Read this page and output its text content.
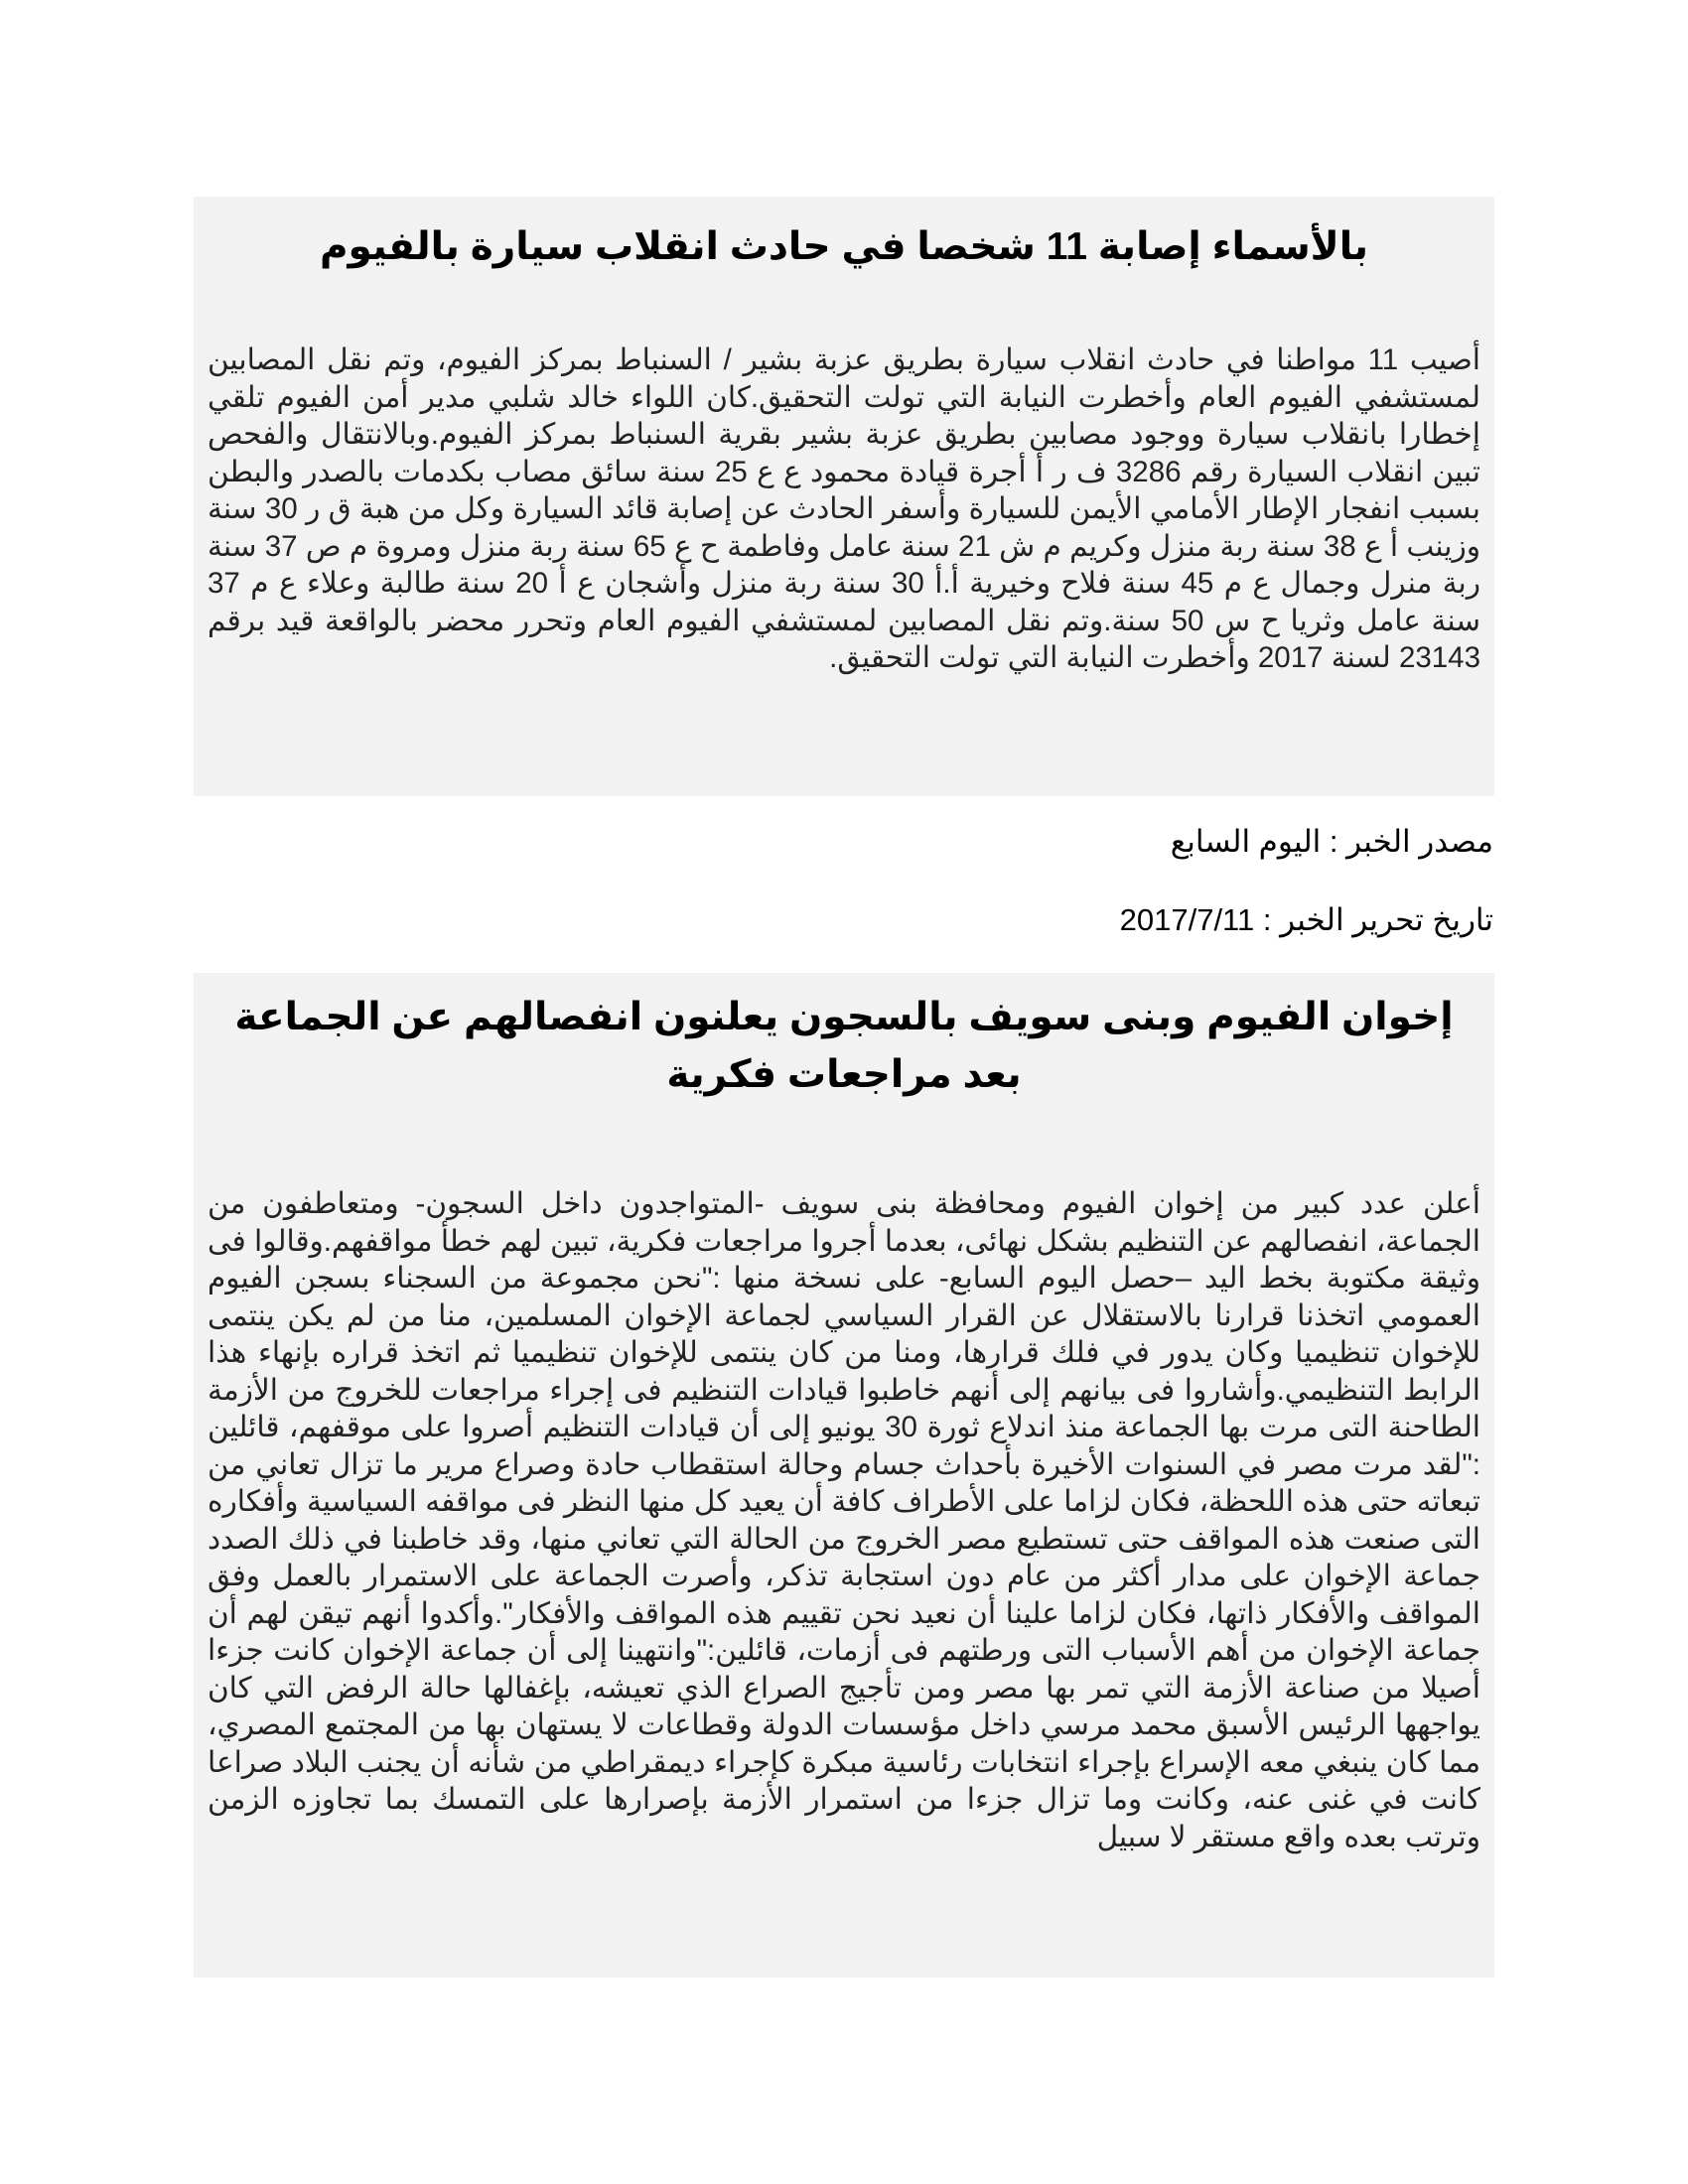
بالأسماء إصابة 11 شخصا في حادث انقلاب سيارة بالفيوم

أصيب 11 مواطنا في حادث انقلاب سيارة بطريق عزبة بشير / السنباط بمركز الفيوم، وتم نقل المصابين لمستشفي الفيوم العام وأخطرت النيابة التي تولت التحقيق.كان اللواء خالد شلبي مدير أمن الفيوم تلقي إخطارا بانقلاب سيارة ووجود مصابين بطريق عزبة بشير بقرية السنباط بمركز الفيوم.وبالانتقال والفحص تبين انقلاب السيارة رقم 3286 ف ر أ أجرة قيادة محمود ع ع 25 سنة سائق مصاب بكدمات بالصدر والبطن بسبب انفجار الإطار الأمامي الأيمن للسيارة وأسفر الحادث عن إصابة قائد السيارة وكل من هبة ق ر 30 سنة وزينب أ ع 38 سنة ربة منزل وكريم م ش 21 سنة عامل وفاطمة ح ع 65 سنة ربة منزل ومروة م ص 37 سنة ربة منرل وجمال ع م 45 سنة فلاح وخيرية أ.أ 30 سنة ربة منزل وأشجان ع أ 20 سنة طالبة وعلاء ع م 37 سنة عامل وثريا ح س 50 سنة.وتم نقل المصابين لمستشفي الفيوم العام وتحرر محضر بالواقعة قيد برقم 23143 لسنة 2017 وأخطرت النيابة التي تولت التحقيق.

مصدر الخبر : اليوم السابع
تاريخ تحرير الخبر : 2017/7/11
إخوان الفيوم وبنى سويف بالسجون يعلنون انفصالهم عن الجماعة بعد مراجعات فكرية

أعلن عدد كبير من إخوان الفيوم ومحافظة بنى سويف -المتواجدون داخل السجون- ومتعاطفون من الجماعة، انفصالهم عن التنظيم بشكل نهائى، بعدما أجروا مراجعات فكرية، تبين لهم خطأ مواقفهم.وقالوا فى وثيقة مكتوبة بخط اليد –حصل اليوم السابع- على نسخة منها :"نحن مجموعة من السجناء بسجن الفيوم العمومي اتخذنا قرارنا بالاستقلال عن القرار السياسي لجماعة الإخوان المسلمين، منا من لم يكن ينتمى للإخوان تنظيميا وكان يدور في فلك قرارها، ومنا من كان ينتمى للإخوان تنظيميا ثم اتخذ قراره بإنهاء هذا الرابط التنظيمي.وأشاروا فى بيانهم إلى أنهم خاطبوا قيادات التنظيم فى إجراء مراجعات للخروج من الأزمة الطاحنة التى مرت بها الجماعة منذ اندلاع ثورة 30 يونيو إلى أن قيادات التنظيم أصروا على موقفهم، قائلين :"لقد مرت مصر في السنوات الأخيرة بأحداث جسام وحالة استقطاب حادة وصراع مرير ما تزال تعاني من تبعاته حتى هذه اللحظة، فكان لزاما على الأطراف كافة أن يعيد كل منها النظر فى مواقفه السياسية وأفكاره التى صنعت هذه المواقف حتى تستطيع مصر الخروج من الحالة التي تعاني منها، وقد خاطبنا في ذلك الصدد جماعة الإخوان على مدار أكثر من عام دون استجابة تذكر، وأصرت الجماعة على الاستمرار بالعمل وفق المواقف والأفكار ذاتها، فكان لزاما علينا أن نعيد نحن تقييم هذه المواقف والأفكار".وأكدوا أنهم تيقن لهم أن جماعة الإخوان من أهم الأسباب التى ورطتهم فى أزمات، قائلين:"وانتهينا إلى أن جماعة الإخوان كانت جزءا أصيلا من صناعة الأزمة التي تمر بها مصر ومن تأجيج الصراع الذي تعيشه، بإغفالها حالة الرفض التي كان يواجهها الرئيس الأسبق محمد مرسي داخل مؤسسات الدولة وقطاعات لا يستهان بها من المجتمع المصري، مما كان ينبغي معه الإسراع بإجراء انتخابات رئاسية مبكرة كإجراء ديمقراطي من شأنه أن يجنب البلاد صراعا كانت في غنى عنه، وكانت وما تزال جزءا من استمرار الأزمة بإصرارها على التمسك بما تجاوزه الزمن وترتب بعده واقع مستقر لا سبيل
